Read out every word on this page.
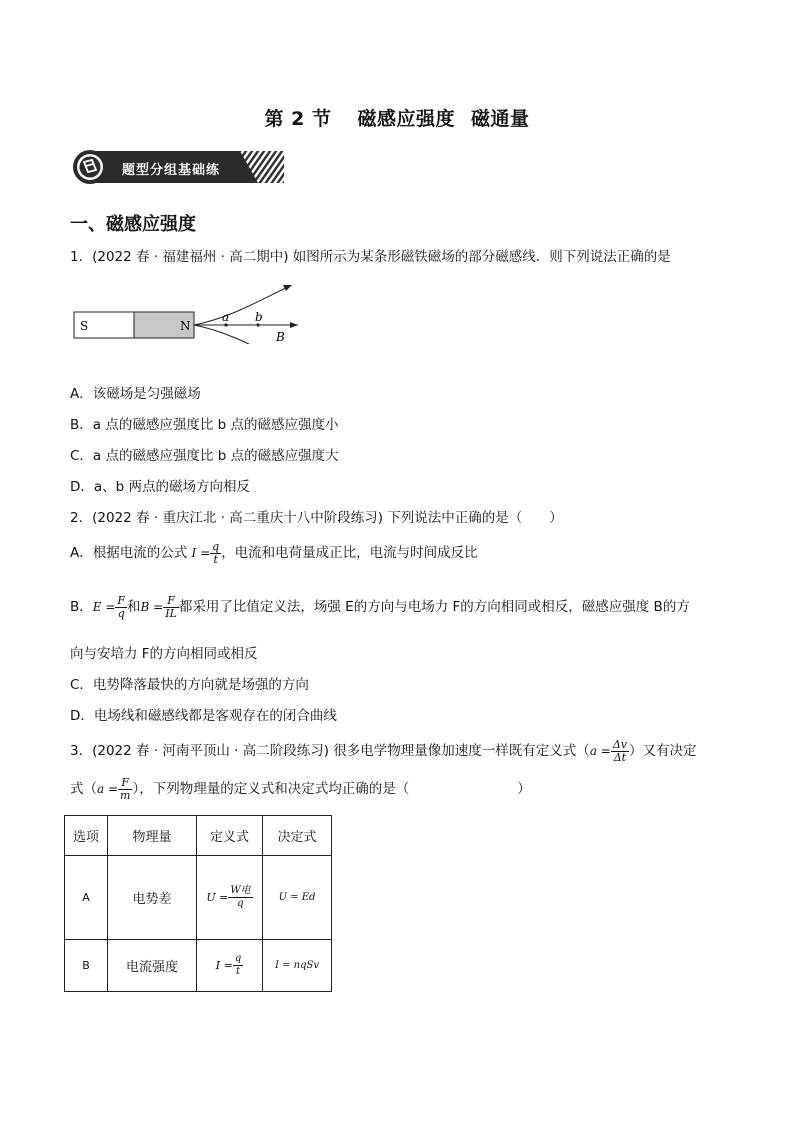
第 2 节 磁感应强度 磁通量
题型分组基础练
一、磁感应强度
1．(2022 春 · 福建福州 · 高二期中) 如图所示为某条形磁铁磁场的部分磁感线．则下列说法正确的是
S	N
a b
B
A．该磁场是匀强磁场
B．a 点的磁感应强度比 b 点的磁感应强度小
C．a 点的磁感应强度比 b 点的磁感应强度大
D．a、b 两点的磁场方向相反
2．(2022 春 · 重庆江北 · 高二重庆十八中阶段练习) 下列说法中正确的是（　　）
A．根据电流的公式 $I = \frac{q}{t}$ ，电流和电荷量成正比，电流与时间成反比
B．$E = \frac{F}{q}$ 和$B = \frac{F}{IL}$ 都采用了比值定义法，场强 E的方向与电场力 F的方向相同或相反，磁感应强度 B的方
向与安培力 F的方向相同或相反
C．电势降落最快的方向就是场强的方向
D．电场线和磁感线都是客观存在的闭合曲线
3．(2022 春 · 河南平顶山 · 高二阶段练习) 很多电学物理量像加速度一样既有定义式（$a = \frac{\Delta v}{\Delta t}$ ）又有决定
式（$a = \frac{F}{m}$ ），下列物理量的定义式和决定式均正确的是（　　　　　　　　）
选项	物理量	定义式	决定式
A	电势差	$U = \frac{\text{W电}}{q}$	U = Ed
B	电流强度	$I = \frac{q}{t}$	I = nqSv
